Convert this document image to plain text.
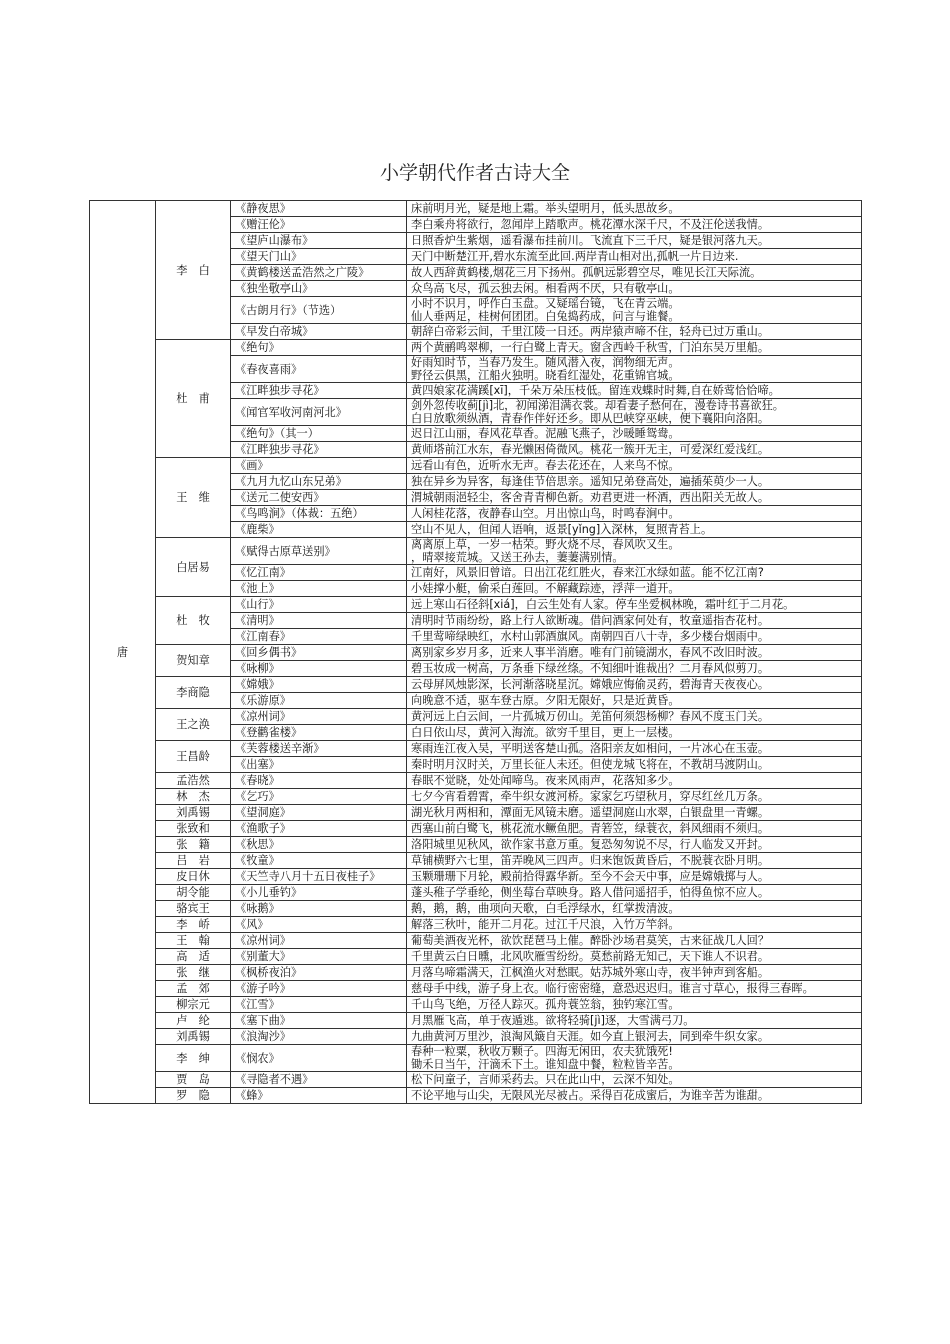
小学朝代作者古诗大全
唐	李　白	《静夜思》	床前明月光，疑是地上霜。举头望明月，低头思故乡。

		《赠汪伦》	李白乘舟将欲行，忽闻岸上踏歌声。桃花潭水深千尺，不及汪伦送我情。

		《望庐山瀑布》	日照香炉生紫烟，遥看瀑布挂前川。飞流直下三千尺，疑是银河落九天。

		《望天门山》	天门中断楚江开,碧水东流至此回.两岸青山相对出,孤帆一片日边来.

		《黄鹤楼送孟浩然之广陵》	故人西辞黄鹤楼,烟花三月下扬州。孤帆远影碧空尽，唯见长江天际流。

		《独坐敬亭山》	众鸟高飞尽，孤云独去闲。相看两不厌，只有敬亭山。

		《古朗月行》（节选）	小时不识月，呼作白玉盘。又疑瑶台镜，飞在青云端。
仙人垂两足，桂树何团团。白兔捣药成，问言与谁餐。

		《早发白帝城》	朝辞白帝彩云间，千里江陵一日还。两岸猿声啼不住，轻舟已过万重山。

	杜　甫	《绝句》	两个黄鹂鸣翠柳，一行白鹭上青天。窗含西岭千秋雪，门泊东吴万里船。

		《春夜喜雨》	好雨知时节，当春乃发生。随风潜入夜，润物细无声。
野径云俱黑，江船火独明。晓看红湿处，花重锦官城。

		《江畔独步寻花》	黄四娘家花满蹊[xī]，千朵万朵压枝低。留连戏蝶时时舞,自在娇莺恰恰啼。

		《闻官军收河南河北》	剑外忽传收蓟[jì]北，初闻涕泪满衣裳。却看妻子愁何在，漫卷诗书喜欲狂。
白日放歌须纵酒，青春作伴好还乡。即从巴峡穿巫峡，便下襄阳向洛阳。

		《绝句》（其一）	迟日江山丽，春风花草香。泥融飞燕子，沙暖睡鸳鸯。

		《江畔独步寻花》	黄师塔前江水东，春光懒困倚微风。桃花一簇开无主，可爱深红爱浅红。

	王　维	《画》	远看山有色，近听水无声。春去花还在，人来鸟不惊。

		《九月九忆山东兄弟》	独在异乡为异客，每逢佳节倍思亲。遥知兄弟登高处，遍插茱萸少一人。

		《送元二使安西》	渭城朝雨浥轻尘，客舍青青柳色新。劝君更进一杯酒，西出阳关无故人。

		《鸟鸣涧》（体裁：五绝）	人闲桂花落，夜静春山空。月出惊山鸟，时鸣春涧中。

		《鹿柴》	空山不见人，但闻人语响，返景[yǐng]入深林，复照青苔上。

	白居易	《赋得古原草送别》	离离原上草，一岁一枯荣。野火烧不尽，春风吹又生。
，晴翠接荒城。又送王孙去，萋萋满别情。

		《忆江南》	江南好，风景旧曾谙。日出江花红胜火，春来江水绿如蓝。能不忆江南?

		《池上》	小娃撑小艇，偷采白莲回。不解藏踪迹，浮萍一道开。

	杜　牧	《山行》	远上寒山石径斜[xiá]，白云生处有人家。停车坐爱枫林晚，霜叶红于二月花。

		《清明》	清明时节雨纷纷，路上行人欲断魂。借问酒家何处有，牧童遥指杏花村。

		《江南春》	千里莺啼绿映红，水村山郭酒旗风。南朝四百八十寺，多少楼台烟雨中。

	贺知章	《回乡偶书》	离别家乡岁月多，近来人事半消磨。唯有门前镜湖水，春风不改旧时波。

		《咏柳》	碧玉妆成一树高，万条垂下绿丝绦。不知细叶谁裁出？二月春风似剪刀。

	李商隐	《嫦娥》	云母屏风烛影深，长河渐落晓星沉。嫦娥应悔偷灵药，碧海青天夜夜心。

		《乐游原》	向晚意不适，驱车登古原。夕阳无限好，只是近黄昏。

	王之涣	《凉州词》	黄河远上白云间，一片孤城万仞山。羌笛何须怨杨柳？春风不度玉门关。

		《登鹳雀楼》	白日依山尽，黄河入海流。欲穷千里目，更上一层楼。

	王昌龄	《芙蓉楼送辛渐》	寒雨连江夜入吴，平明送客楚山孤。洛阳亲友如相问，一片冰心在玉壶。

		《出塞》	秦时明月汉时关，万里长征人未还。但使龙城飞将在，不教胡马渡阴山。

	孟浩然	《春晓》	春眠不觉晓，处处闻啼鸟。夜来风雨声，花落知多少。

	林　杰	《乞巧》	七夕今宵看碧霄，牵牛织女渡河桥。家家乞巧望秋月，穿尽红丝几万条。

	刘禹锡	《望洞庭》	湖光秋月两相和，潭面无风镜未磨。遥望洞庭山水翠，白银盘里一青螺。

	张致和	《渔歌子》	西塞山前白鹭飞，桃花流水鳜鱼肥。青箬笠，绿蓑衣，斜风细雨不须归。

	张　籍	《秋思》	洛阳城里见秋风，欲作家书意万重。复恐匆匆说不尽，行人临发又开封。

	吕　岩	《牧童》	草铺横野六七里，笛弄晚风三四声。归来饱饭黄昏后，不脱蓑衣卧月明。

	皮日休	《天竺寺八月十五日夜桂子》	玉颗珊珊下月轮，殿前拾得露华新。至今不会天中事，应是嫦娥掷与人。

	胡令能	《小儿垂钓》	蓬头稚子学垂纶，侧坐莓台草映身。路人借问遥招手，怕得鱼惊不应人。

	骆宾王	《咏鹅》	鹅，鹅，鹅，曲项向天歌，白毛浮绿水，红掌拨清波。

	李　峤	《风》	解落三秋叶，能开二月花。过江千尺浪，入竹万竿斜。

	王　翰	《凉州词》	葡萄美酒夜光杯，欲饮琵琶马上催。醉卧沙场君莫笑，古来征战几人回？

	高　适	《别董大》	千里黄云白日曛，北风吹雁雪纷纷。莫愁前路无知己，天下谁人不识君。

	张　继	《枫桥夜泊》	月落乌啼霜满天，江枫渔火对愁眠。姑苏城外寒山寺，夜半钟声到客船。

	孟　郊	《游子吟》	慈母手中线，游子身上衣。临行密密缝，意恐迟迟归。谁言寸草心，报得三春晖。

	柳宗元	《江雪》	千山鸟飞绝，万径人踪灭。孤舟蓑笠翁，独钓寒江雪。

	卢　纶	《塞下曲》	月黑雁飞高，单于夜遁逃。欲将轻骑[jì]逐，大雪满弓刀。

	刘禹锡	《浪淘沙》	九曲黄河万里沙，浪淘风簸自天涯。如今直上银河去，同到牵牛织女家。

	李　绅	《悯农》	春种一粒粟，秋收万颗子。四海无闲田，农夫犹饿死!
锄禾日当午，汗滴禾下土。谁知盘中餐，粒粒皆辛苦。

	贾　岛	《寻隐者不遇》	松下问童子，言师采药去。只在此山中，云深不知处。

	罗　隐	《蜂》	不论平地与山尖，无限风光尽被占。采得百花成蜜后，为谁辛苦为谁甜。
